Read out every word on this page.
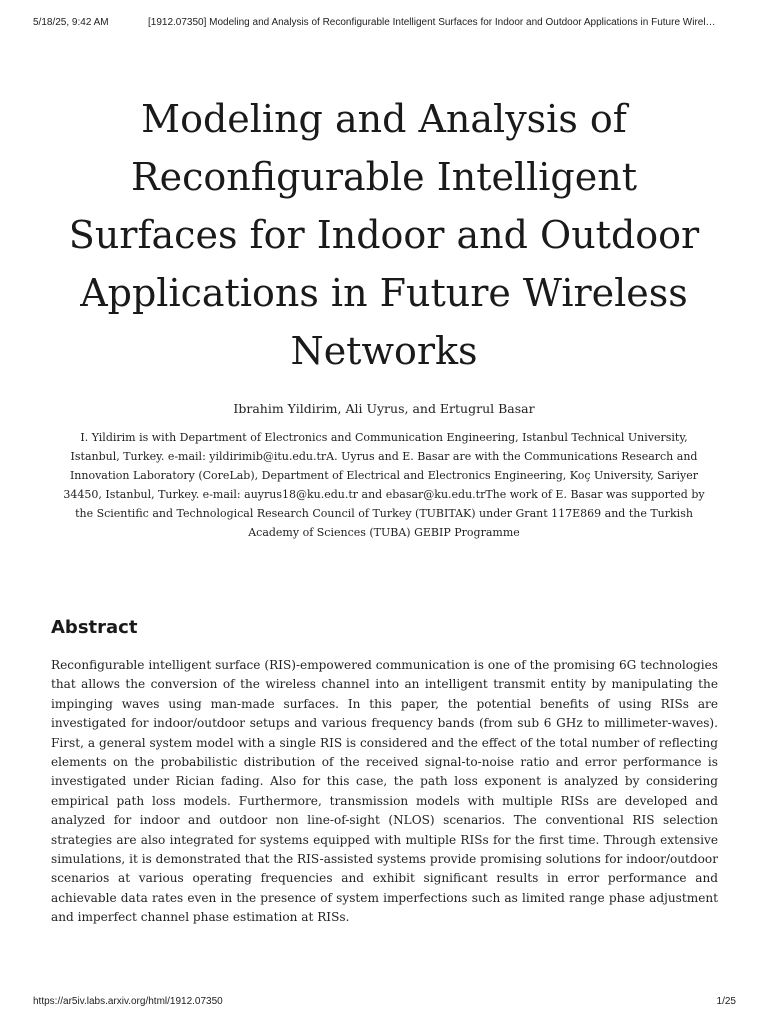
5/18/25, 9:42 AM	[1912.07350] Modeling and Analysis of Reconfigurable Intelligent Surfaces for Indoor and Outdoor Applications in Future Wirel…
Modeling and Analysis of Reconfigurable Intelligent Surfaces for Indoor and Outdoor Applications in Future Wireless Networks
Ibrahim Yildirim, Ali Uyrus, and Ertugrul Basar
I. Yildirim is with Department of Electronics and Communication Engineering, Istanbul Technical University, Istanbul, Turkey. e-mail: yildirimib@itu.edu.trA. Uyrus and E. Basar are with the Communications Research and Innovation Laboratory (CoreLab), Department of Electrical and Electronics Engineering, Koç University, Sariyer 34450, Istanbul, Turkey. e-mail: auyrus18@ku.edu.tr and ebasar@ku.edu.trThe work of E. Basar was supported by the Scientific and Technological Research Council of Turkey (TUBITAK) under Grant 117E869 and the Turkish Academy of Sciences (TUBA) GEBIP Programme
Abstract

Reconfigurable intelligent surface (RIS)-empowered communication is one of the promising 6G technologies that allows the conversion of the wireless channel into an intelligent transmit entity by manipulating the impinging waves using man-made surfaces. In this paper, the potential benefits of using RISs are investigated for indoor/outdoor setups and various frequency bands (from sub 6 GHz to millimeter-waves). First, a general system model with a single RIS is considered and the effect of the total number of reflecting elements on the probabilistic distribution of the received signal-to-noise ratio and error performance is investigated under Rician fading. Also for this case, the path loss exponent is analyzed by considering empirical path loss models. Furthermore, transmission models with multiple RISs are developed and analyzed for indoor and outdoor non line-of-sight (NLOS) scenarios. The conventional RIS selection strategies are also integrated for systems equipped with multiple RISs for the first time. Through extensive simulations, it is demonstrated that the RIS-assisted systems provide promising solutions for indoor/outdoor scenarios at various operating frequencies and exhibit significant results in error performance and achievable data rates even in the presence of system imperfections such as limited range phase adjustment and imperfect channel phase estimation at RISs.

https://ar5iv.labs.arxiv.org/html/1912.07350	1/25
